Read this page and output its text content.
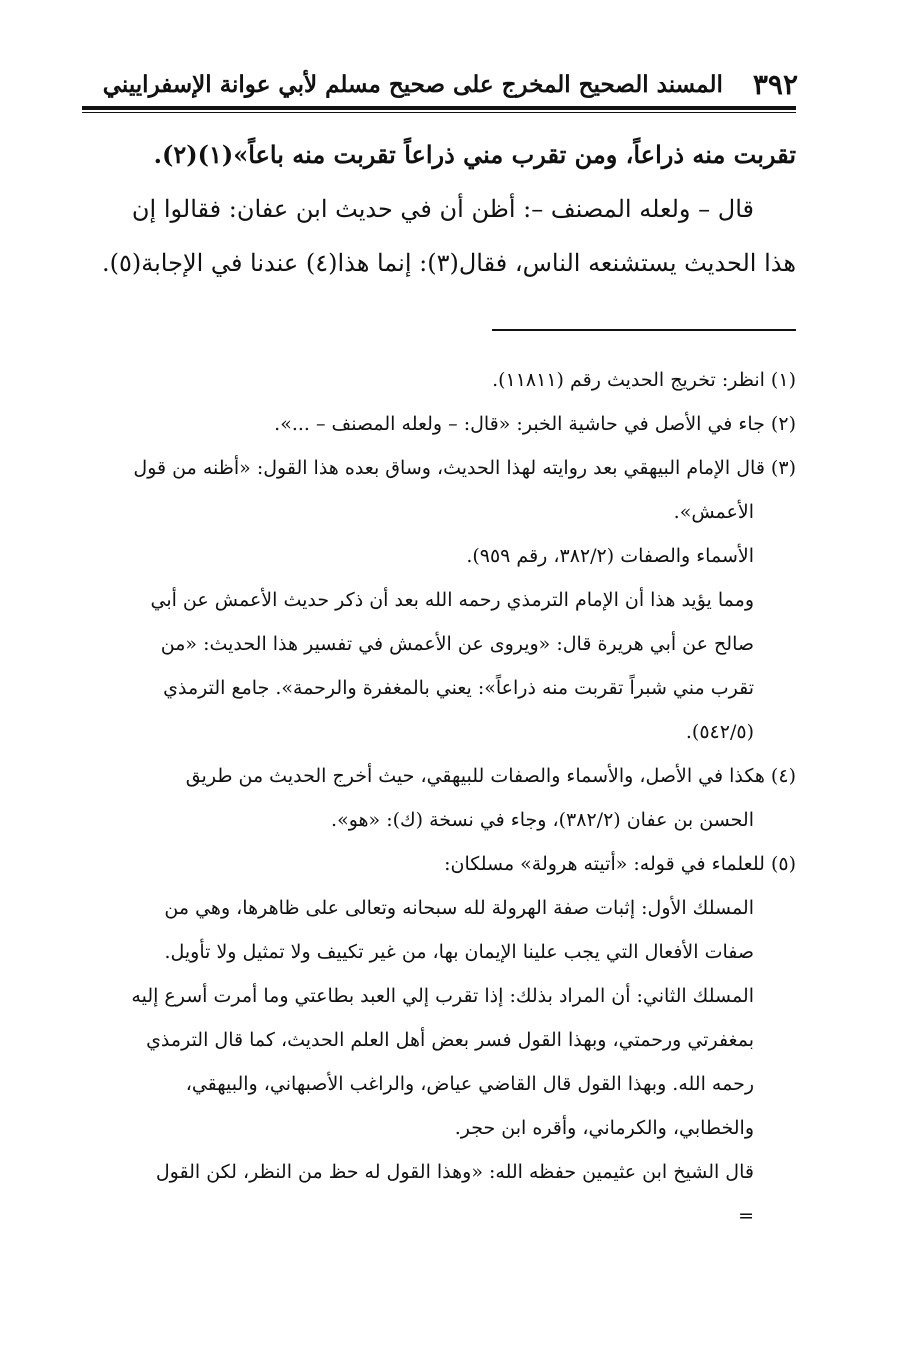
٣٩٢
المسند الصحيح المخرج على صحيح مسلم لأبي عوانة الإسفراييني
تقربت منه ذراعاً، ومن تقرب مني ذراعاً تقربت منه باعاً»(١)(٢).
قال – ولعله المصنف –: أظن أن في حديث ابن عفان: فقالوا إن
هذا الحديث يستشنعه الناس، فقال(٣): إنما هذا(٤) عندنا في الإجابة(٥).
(١) انظر: تخريج الحديث رقم (١١٨١١).
(٢) جاء في الأصل في حاشية الخبر: «قال: – ولعله المصنف – ...».
(٣) قال الإمام البيهقي بعد روايته لهذا الحديث، وساق بعده هذا القول: «أظنه من قول
الأعمش».
الأسماء والصفات (٣٨٢/٢، رقم ٩٥٩).
ومما يؤيد هذا أن الإمام الترمذي رحمه الله بعد أن ذكر حديث الأعمش عن أبي
صالح عن أبي هريرة قال: «ويروى عن الأعمش في تفسير هذا الحديث: «من
تقرب مني شبراً تقربت منه ذراعاً»: يعني بالمغفرة والرحمة». جامع الترمذي
(٥٤٢/٥).
(٤) هكذا في الأصل، والأسماء والصفات للبيهقي، حيث أخرج الحديث من طريق
الحسن بن عفان (٣٨٢/٢)، وجاء في نسخة (ك): «هو».
(٥) للعلماء في قوله: «أتيته هرولة» مسلكان:
المسلك الأول: إثبات صفة الهرولة لله سبحانه وتعالى على ظاهرها، وهي من
صفات الأفعال التي يجب علينا الإيمان بها، من غير تكييف ولا تمثيل ولا تأويل.
المسلك الثاني: أن المراد بذلك: إذا تقرب إلي العبد بطاعتي وما أمرت أسرع إليه
بمغفرتي ورحمتي، وبهذا القول فسر بعض أهل العلم الحديث، كما قال الترمذي
رحمه الله. وبهذا القول قال القاضي عياض، والراغب الأصبهاني، والبيهقي،
والخطابي، والكرماني، وأقره ابن حجر.
قال الشيخ ابن عثيمين حفظه الله: «وهذا القول له حظ من النظر، لكن القول
=
